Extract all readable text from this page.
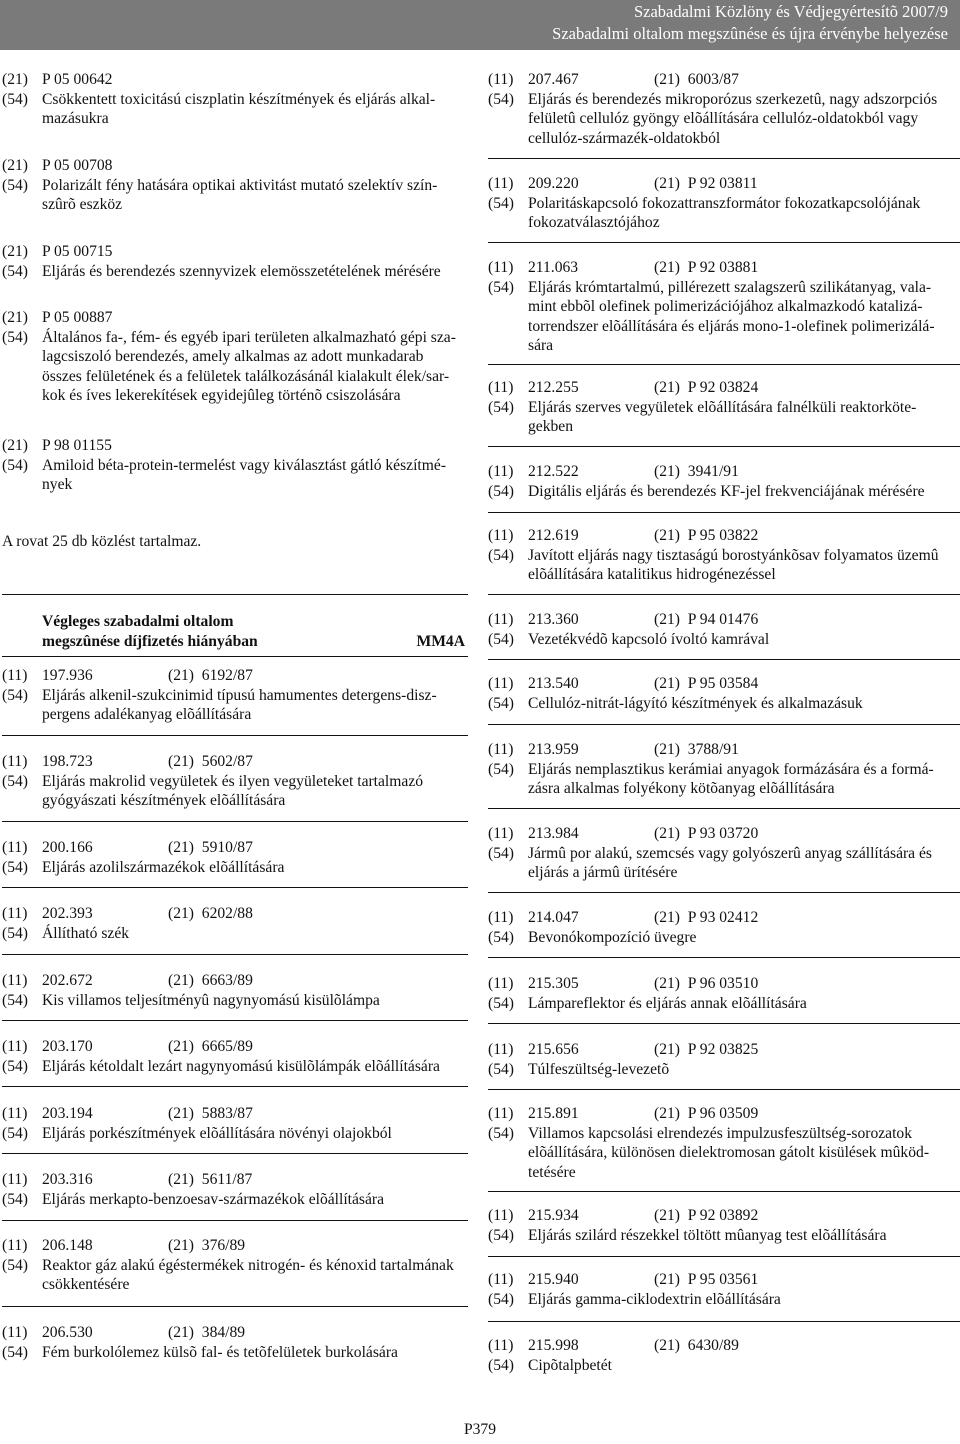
Szabadalmi Közlöny és Védjegyértesítõ 2007/9
Szabadalmi oltalom megszûnése és újra érvénybe helyezése
(21) P 05 00642
(54) Csökkentett toxicitású ciszplatin készítmények és eljárás alkal-
mazásukra
(21) P 05 00708
(54) Polarizált fény hatására optikai aktivitást mutató szelektív szín-
szûrõ eszköz
(21) P 05 00715
(54) Eljárás és berendezés szennyvizek elemösszetételének mérésére
(21) P 05 00887
(54) Általános fa-, fém- és egyéb ipari területen alkalmazható gépi sza-
lagcsiszoló berendezés, amely alkalmas az adott munkadarab
összes felületének és a felületek találkozásánál kialakult élek/sar-
kok és íves lekerekítések egyidejûleg történõ csiszolására
(21) P 98 01155
(54) Amiloid béta-protein-termelést vagy kiválasztást gátló készítmé-
nyek
A rovat 25 db közlést tartalmaz.
Végleges szabadalmi oltalom
megszûnése díjfizetés hiányában	MM4A
(11) 197.936	(21) 6192/87
(54) Eljárás alkenil-szukcinimid típusú hamumentes detergens-disz-
pergens adalékanyag elõállítására
(11) 198.723	(21) 5602/87
(54) Eljárás makrolid vegyületek és ilyen vegyületeket tartalmazó
gyógyászati készítmények elõállítására
(11) 200.166	(21) 5910/87
(54) Eljárás azolilszármazékok elõállítására
(11) 202.393	(21) 6202/88
(54) Állítható szék
(11) 202.672	(21) 6663/89
(54) Kis villamos teljesítményû nagynyomású kisülõlámpa
(11) 203.170	(21) 6665/89
(54) Eljárás kétoldalt lezárt nagynyomású kisülõlámpák elõállítására
(11) 203.194	(21) 5883/87
(54) Eljárás porkészítmények elõállítására növényi olajokból
(11) 203.316	(21) 5611/87
(54) Eljárás merkapto-benzoesav-származékok elõállítására
(11) 206.148	(21) 376/89
(54) Reaktor gáz alakú égéstermékek nitrogén- és kénoxid tartalmának
csökkentésére
(11) 206.530	(21) 384/89
(54) Fém burkolólemez külsõ fal- és tetõfelületek burkolására
(11) 207.467	(21) 6003/87
(54) Eljárás és berendezés mikroporózus szerkezetû, nagy adszorpciós
felületû cellulóz gyöngy elõállítására cellulóz-oldatokból vagy
cellulóz-származék-oldatokból
(11) 209.220	(21) P 92 03811
(54) Polaritáskapcsoló fokozattranszformátor fokozatkapcsolójának
fokozatválasztójához
(11) 211.063	(21) P 92 03881
(54) Eljárás krómtartalmú, pillérezett szalagszerû szilikátanyag, vala-
mint ebbõl olefinek polimerizációjához alkalmazkodó katalizá-
torrendszer elõállítására és eljárás mono-1-olefinek polimerizálá-
sára
(11) 212.255	(21) P 92 03824
(54) Eljárás szerves vegyületek elõállítására falnélküli reaktorköte-
gekben
(11) 212.522	(21) 3941/91
(54) Digitális eljárás és berendezés KF-jel frekvenciájának mérésére
(11) 212.619	(21) P 95 03822
(54) Javított eljárás nagy tisztaságú borostyánkõsav folyamatos üzemû
elõállítására katalitikus hidrogénezéssel
(11) 213.360	(21) P 94 01476
(54) Vezetékvédõ kapcsoló ívoltó kamrával
(11) 213.540	(21) P 95 03584
(54) Cellulóz-nitrát-lágyító készítmények és alkalmazásuk
(11) 213.959	(21) 3788/91
(54) Eljárás nemplasztikus kerámiai anyagok formázására és a formá-
zásra alkalmas folyékony kötõanyag elõállítására
(11) 213.984	(21) P 93 03720
(54) Jármû por alakú, szemcsés vagy golyószerû anyag szállítására és
eljárás a jármû ürítésére
(11) 214.047	(21) P 93 02412
(54) Bevonókompozíció üvegre
(11) 215.305	(21) P 96 03510
(54) Lámpareflektor és eljárás annak elõállítására
(11) 215.656	(21) P 92 03825
(54) Túlfeszültség-levezetõ
(11) 215.891	(21) P 96 03509
(54) Villamos kapcsolási elrendezés impulzusfeszültség-sorozatok
elõállítására, különösen dielektromosan gátolt kisülések mûköd-
tetésére
(11) 215.934	(21) P 92 03892
(54) Eljárás szilárd részekkel töltött mûanyag test elõállítására
(11) 215.940	(21) P 95 03561
(54) Eljárás gamma-ciklodextrin elõállítására
(11) 215.998	(21) 6430/89
(54) Cipõtalpbetét
P379
